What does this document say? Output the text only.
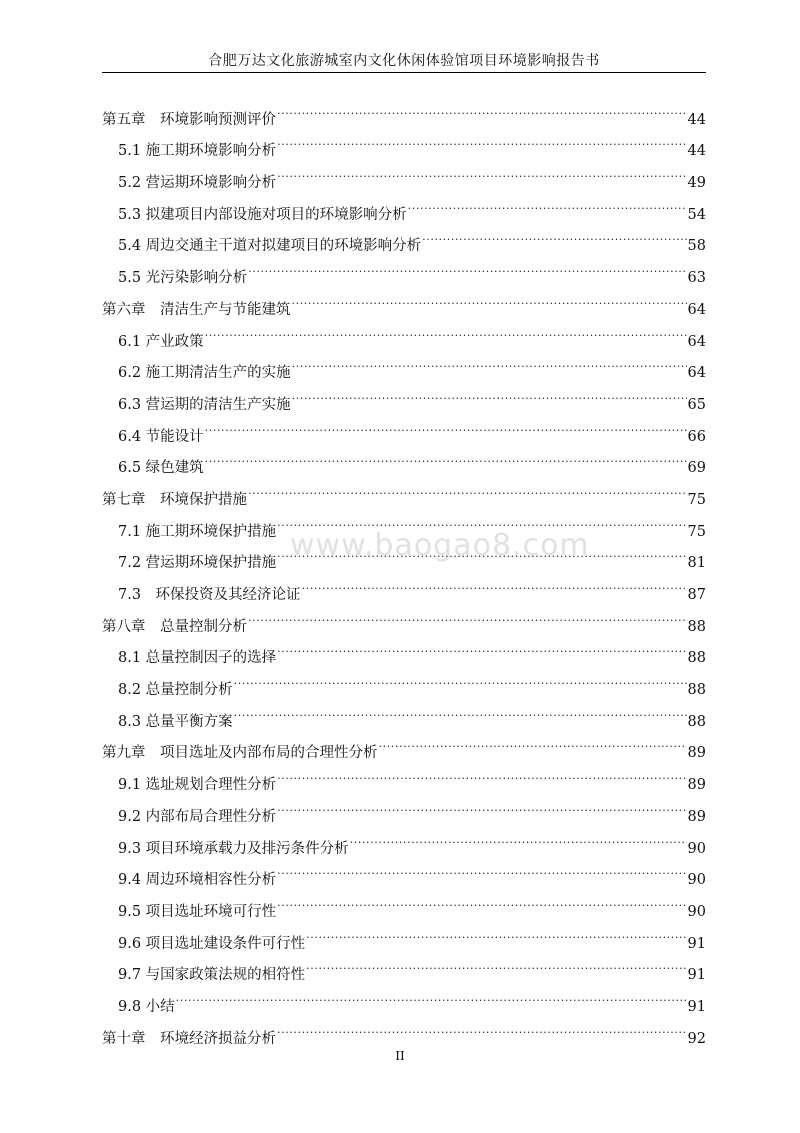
合肥万达文化旅游城室内文化休闲体验馆项目环境影响报告书
第五章　环境影响预测评价 .....	44
5.1 施工期环境影响分析 .....	44
5.2 营运期环境影响分析 .....	49
5.3 拟建项目内部设施对项目的环境影响分析 .....	54
5.4 周边交通主干道对拟建项目的环境影响分析 .....	58
5.5 光污染影响分析 .....	63
第六章　清洁生产与节能建筑 .....	64
6.1 产业政策 .....	64
6.2 施工期清洁生产的实施 .....	64
6.3 营运期的清洁生产实施 .....	65
6.4 节能设计 .....	66
6.5 绿色建筑 .....	69
第七章　环境保护措施 .....	75
7.1 施工期环境保护措施 .....	75
7.2 营运期环境保护措施 .....	81
7.3　环保投资及其经济论证 .....	87
第八章　总量控制分析 .....	88
8.1 总量控制因子的选择 .....	88
8.2 总量控制分析 .....	88
8.3 总量平衡方案 .....	88
第九章　项目选址及内部布局的合理性分析 .....	89
9.1 选址规划合理性分析 .....	89
9.2 内部布局合理性分析 .....	89
9.3 项目环境承载力及排污条件分析 .....	90
9.4 周边环境相容性分析 .....	90
9.5 项目选址环境可行性 .....	90
9.6 项目选址建设条件可行性 .....	91
9.7 与国家政策法规的相符性 .....	91
9.8 小结 .....	91
第十章　环境经济损益分析 .....	92
www.baogao8.com
II
